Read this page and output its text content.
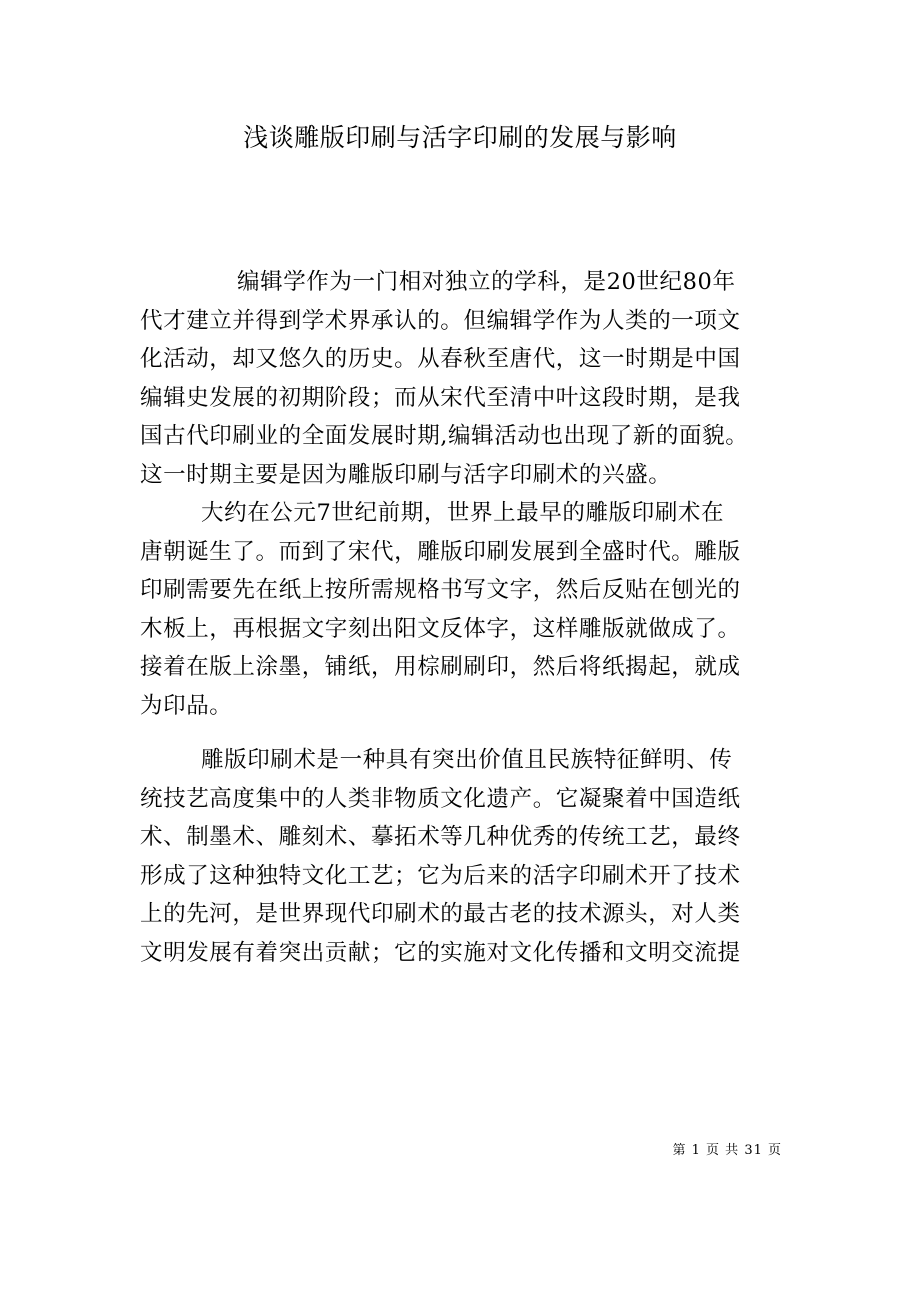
浅谈雕版印刷与活字印刷的发展与影响

编辑学作为一门相对独立的学科，是20世纪80年
代才建立并得到学术界承认的。但编辑学作为人类的一项文
化活动，却又悠久的历史。从春秋至唐代，这一时期是中国
编辑史发展的初期阶段；而从宋代至清中叶这段时期，是我
国古代印刷业的全面发展时期,编辑活动也出现了新的面貌。
这一时期主要是因为雕版印刷与活字印刷术的兴盛。

大约在公元7世纪前期，世界上最早的雕版印刷术在
唐朝诞生了。而到了宋代，雕版印刷发展到全盛时代。雕版
印刷需要先在纸上按所需规格书写文字，然后反贴在刨光的
木板上，再根据文字刻出阳文反体字，这样雕版就做成了。
接着在版上涂墨，铺纸，用棕刷刷印，然后将纸揭起，就成
为印品。

雕版印刷术是一种具有突出价值且民族特征鲜明、传
统技艺高度集中的人类非物质文化遗产。它凝聚着中国造纸
术、制墨术、雕刻术、摹拓术等几种优秀的传统工艺，最终
形成了这种独特文化工艺；它为后来的活字印刷术开了技术
上的先河，是世界现代印刷术的最古老的技术源头，对人类
文明发展有着突出贡献；它的实施对文化传播和文明交流提

第 1 页 共 31 页
